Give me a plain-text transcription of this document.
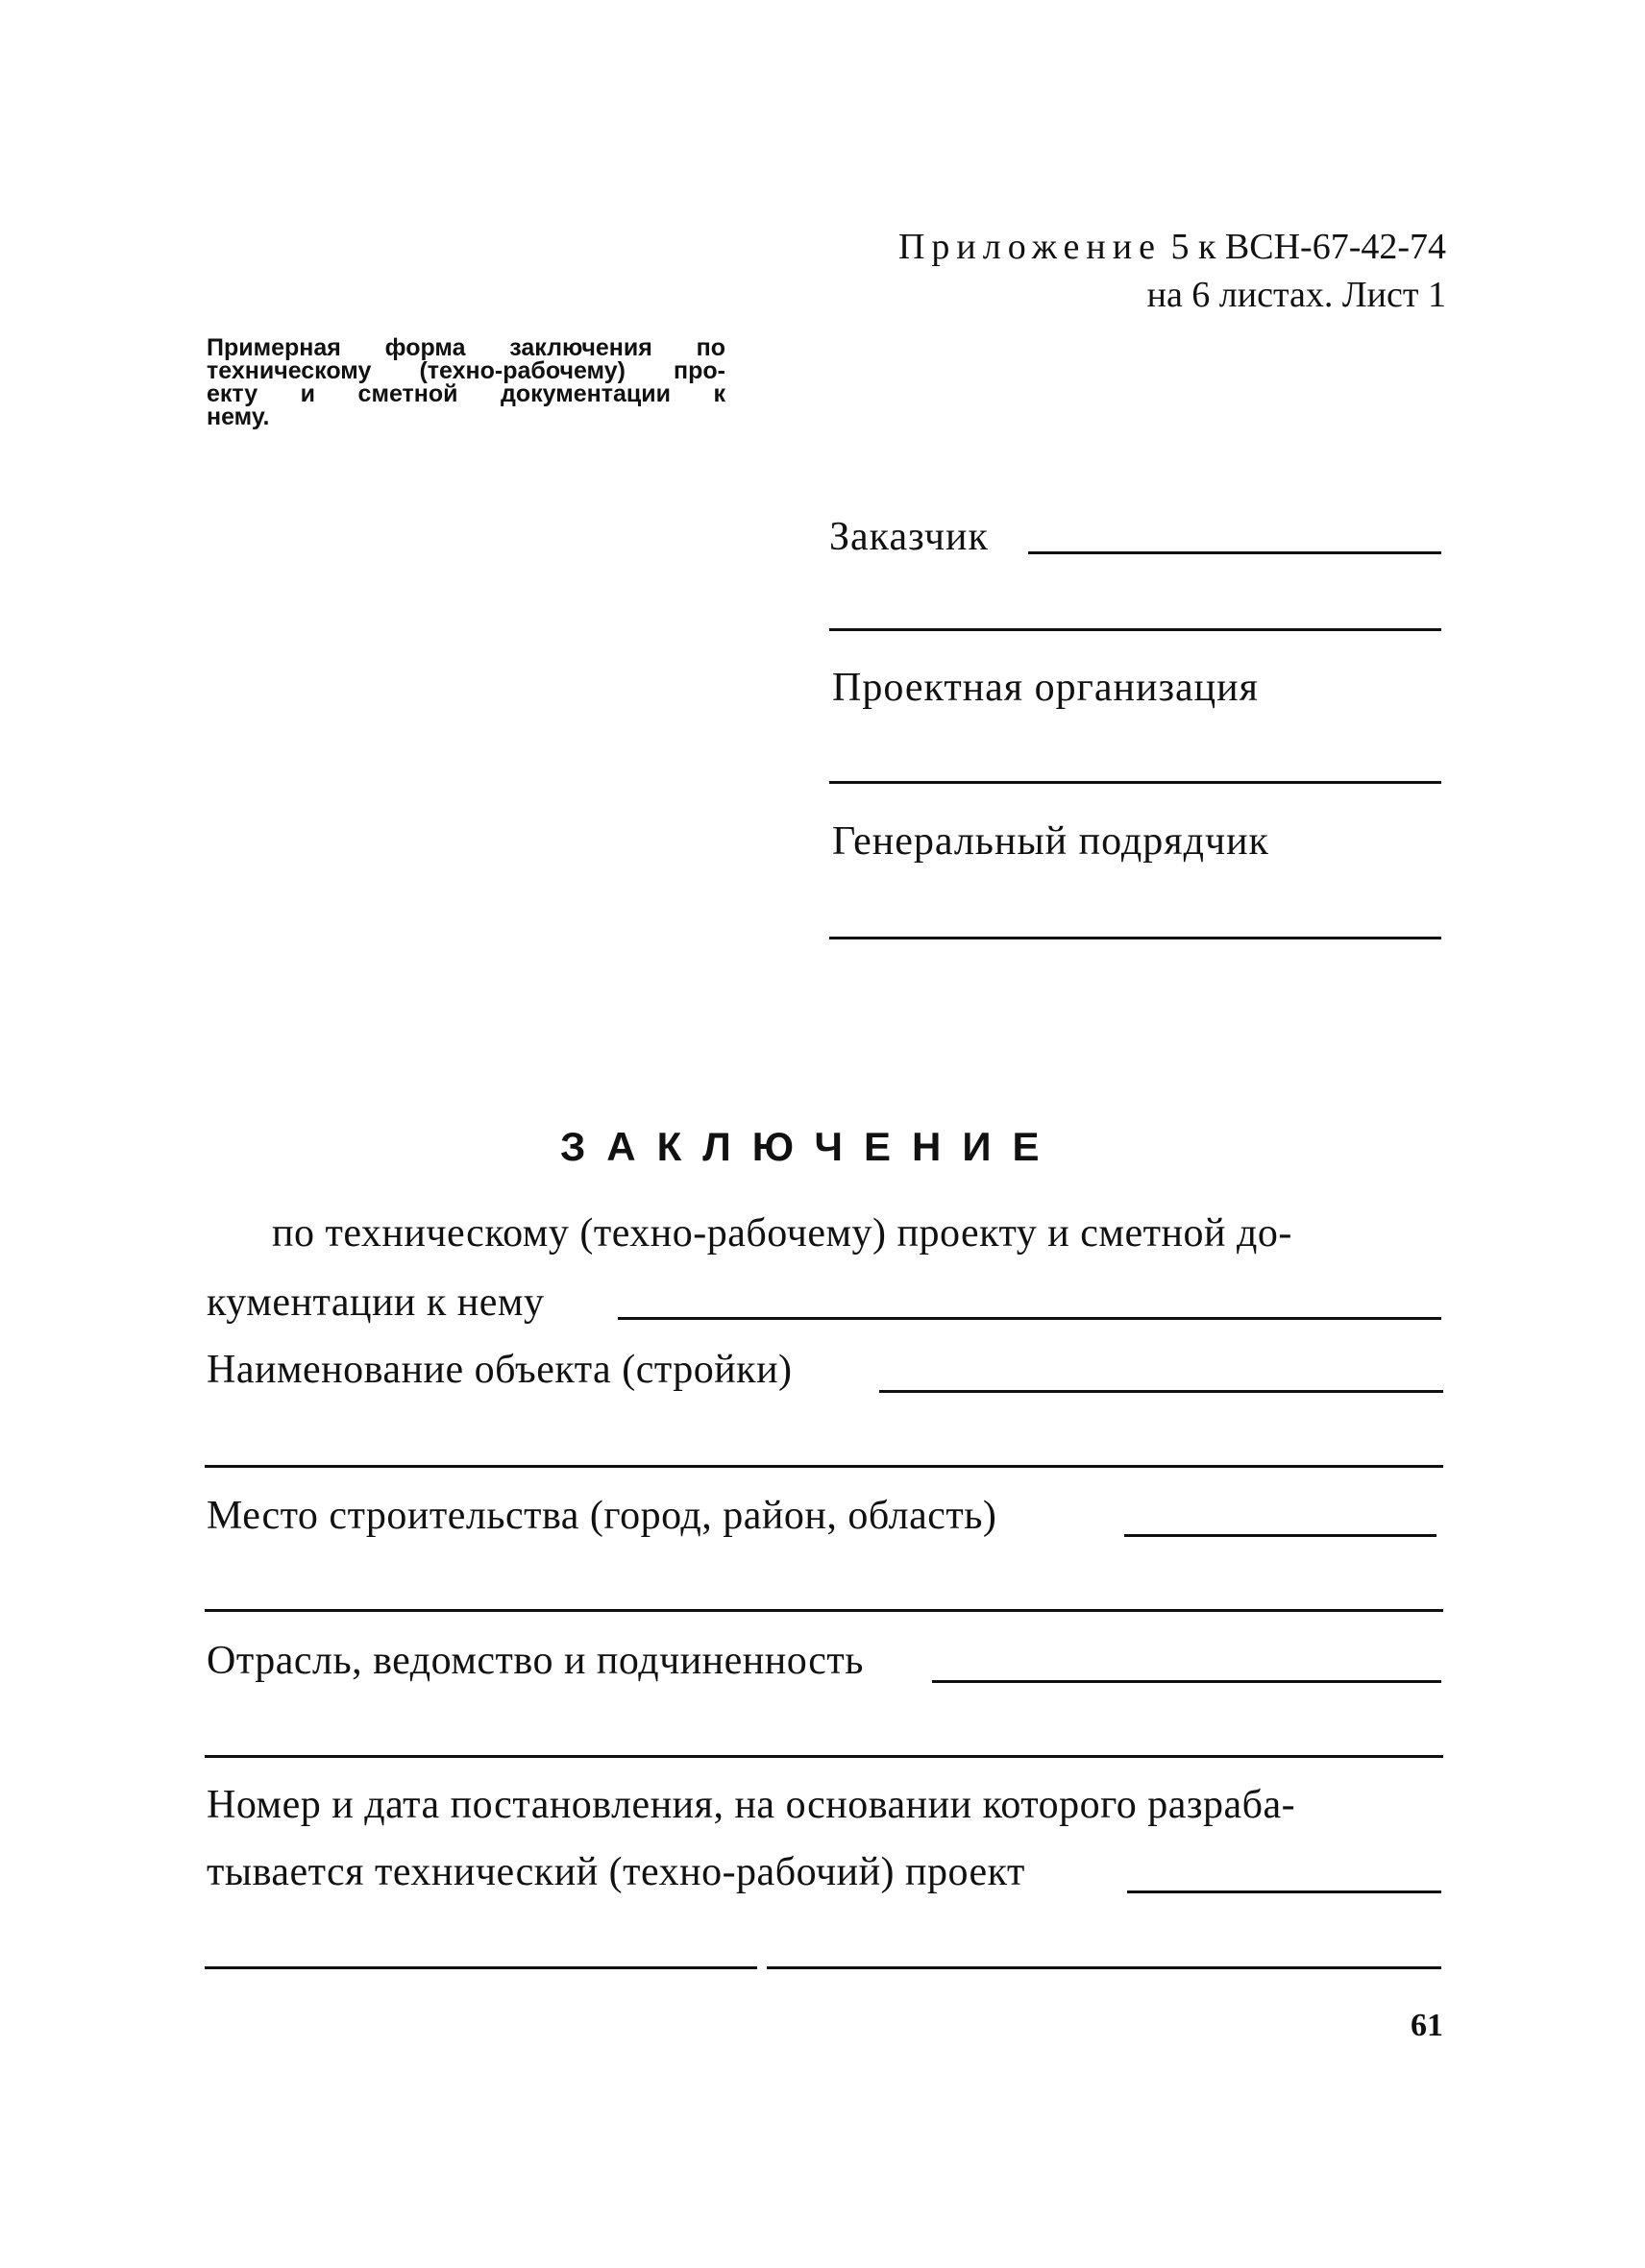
Приложение 5 к ВСН-67-42-74
на 6 листах. Лист 1
Примерная форма заключения по
техническому (техно-рабочему) про-
екту и сметной документации к
нему.
Заказчик
Проектная организация
Генеральный подрядчик
ЗАКЛЮЧЕНИЕ
по техническому (техно-рабочему) проекту и сметной до-
кументации к нему
Наименование объекта (стройки)
Место строительства (город, район, область)
Отрасль, ведомство и подчиненность
Номер и дата постановления, на основании которого разраба-
тывается технический (техно-рабочий) проект
61
